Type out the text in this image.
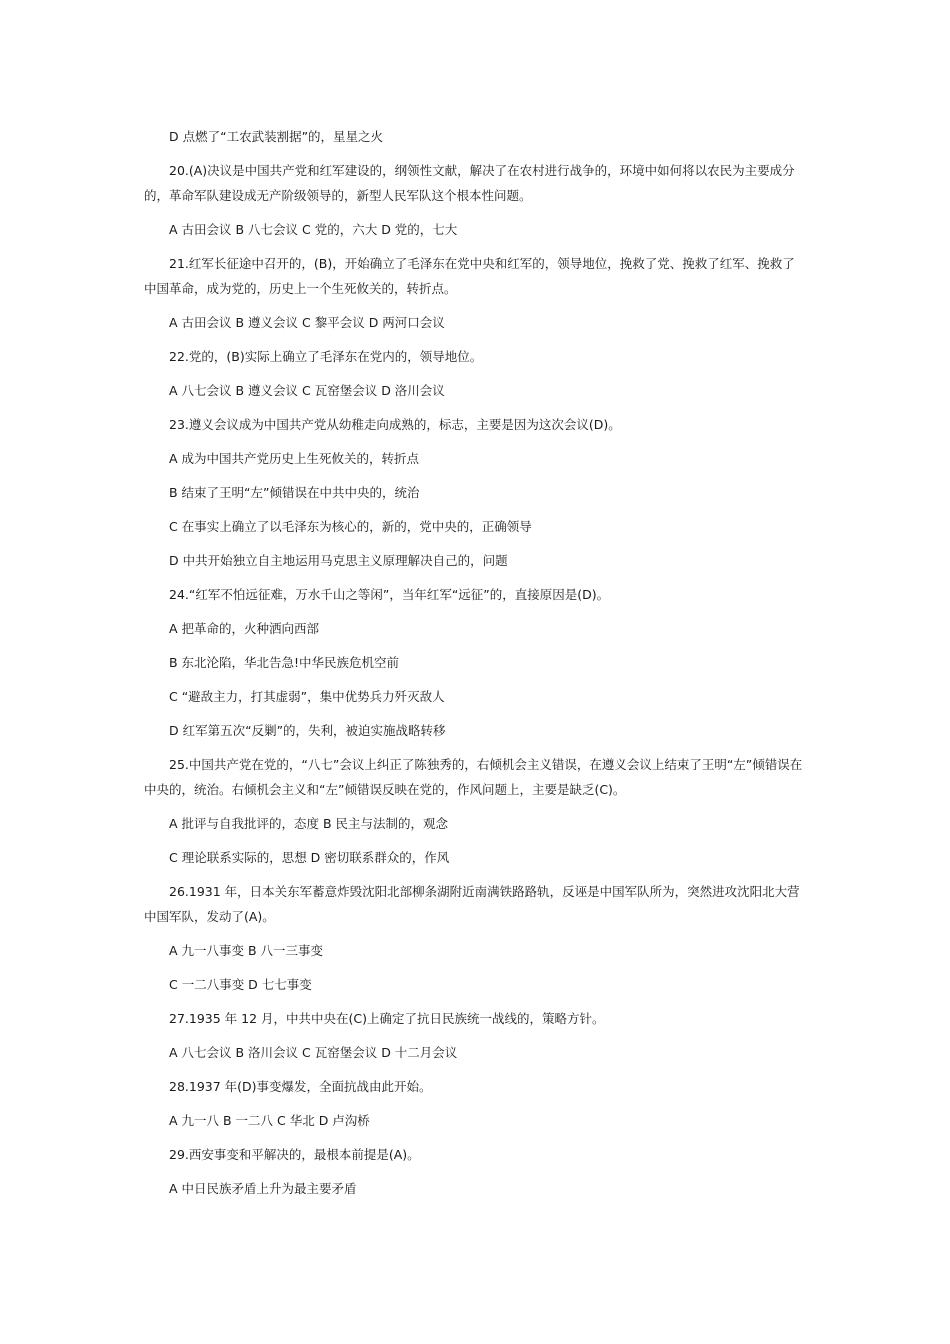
D 点燃了“工农武装割据”的，星星之火

20.(A)决议是中国共产党和红军建设的，纲领性文献，解决了在农村进行战争的，环境中如何将以农民为主要成分的，革命军队建设成无产阶级领导的，新型人民军队这个根本性问题。

A 古田会议 B 八七会议 C 党的，六大 D 党的，七大

21.红军长征途中召开的，(B)，开始确立了毛泽东在党中央和红军的，领导地位，挽救了党、挽救了红军、挽救了中国革命，成为党的，历史上一个生死攸关的，转折点。

A 古田会议 B 遵义会议 C 黎平会议 D 两河口会议

22.党的，(B)实际上确立了毛泽东在党内的，领导地位。

A 八七会议 B 遵义会议 C 瓦窑堡会议 D 洛川会议

23.遵义会议成为中国共产党从幼稚走向成熟的，标志，主要是因为这次会议(D)。

A 成为中国共产党历史上生死攸关的，转折点

B 结束了王明“左”倾错误在中共中央的，统治

C 在事实上确立了以毛泽东为核心的，新的，党中央的，正确领导

D 中共开始独立自主地运用马克思主义原理解决自己的，问题

24.“红军不怕远征难，万水千山之等闲”，当年红军“远征”的，直接原因是(D)。

A 把革命的，火种洒向西部

B 东北沦陷，华北告急!中华民族危机空前

C “避敌主力，打其虚弱”，集中优势兵力歼灭敌人

D 红军第五次“反剿”的，失利，被迫实施战略转移

25.中国共产党在党的，“八七”会议上纠正了陈独秀的，右倾机会主义错误，在遵义会议上结束了王明“左”倾错误在中央的，统治。右倾机会主义和“左”倾错误反映在党的，作风问题上，主要是缺乏(C)。

A 批评与自我批评的，态度 B 民主与法制的，观念

C 理论联系实际的，思想 D 密切联系群众的，作风

26.1931 年，日本关东军蓄意炸毁沈阳北部柳条湖附近南满铁路路轨，反诬是中国军队所为，突然进攻沈阳北大营中国军队，发动了(A)。

A 九一八事变 B 八一三事变

C 一二八事变 D 七七事变

27.1935 年 12 月，中共中央在(C)上确定了抗日民族统一战线的，策略方针。

A 八七会议 B 洛川会议 C 瓦窑堡会议 D 十二月会议

28.1937 年(D)事变爆发，全面抗战由此开始。

A 九一八 B 一二八 C 华北 D 卢沟桥

29.西安事变和平解决的，最根本前提是(A)。

A 中日民族矛盾上升为最主要矛盾
